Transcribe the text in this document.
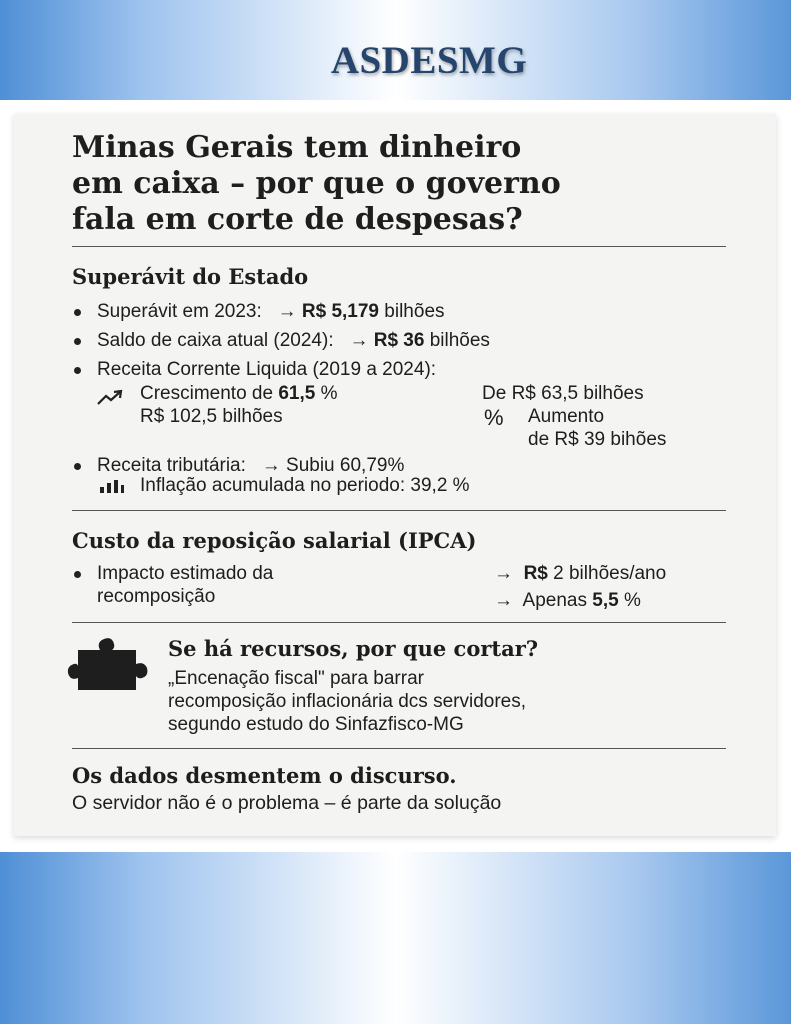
ASDESMG
Minas Gerais tem dinheiro
em caixa – por que o governo
fala em corte de despesas?
Superávit do Estado
Superávit em 2023: → R$ 5,179 bilhões
Saldo de caixa atual (2024): → R$ 36 bilhões
Receita Corrente Liquida (2019 a 2024):
Crescimento de 61,5 %	De R$ 63,5 bilhões
R$ 102,5 bilhões	% Aumento
de R$ 39 bihões
Receita tributária: → Subiu 60,79%
Inflação acumulada no periodo: 39,2 %
Custo da reposição salarial (IPCA)
Impacto estimado da
recomposição
→ R$ 2 bilhões/ano
→ Apenas 5,5 %
Se há recursos, por que cortar?
„Encenação fiscal" para barrar
recomposição inflacionária dcs servidores,
segundo estudo do Sinfazfisco-MG
Os dados desmentem o discurso.
O servidor não é o problema – é parte da solução
